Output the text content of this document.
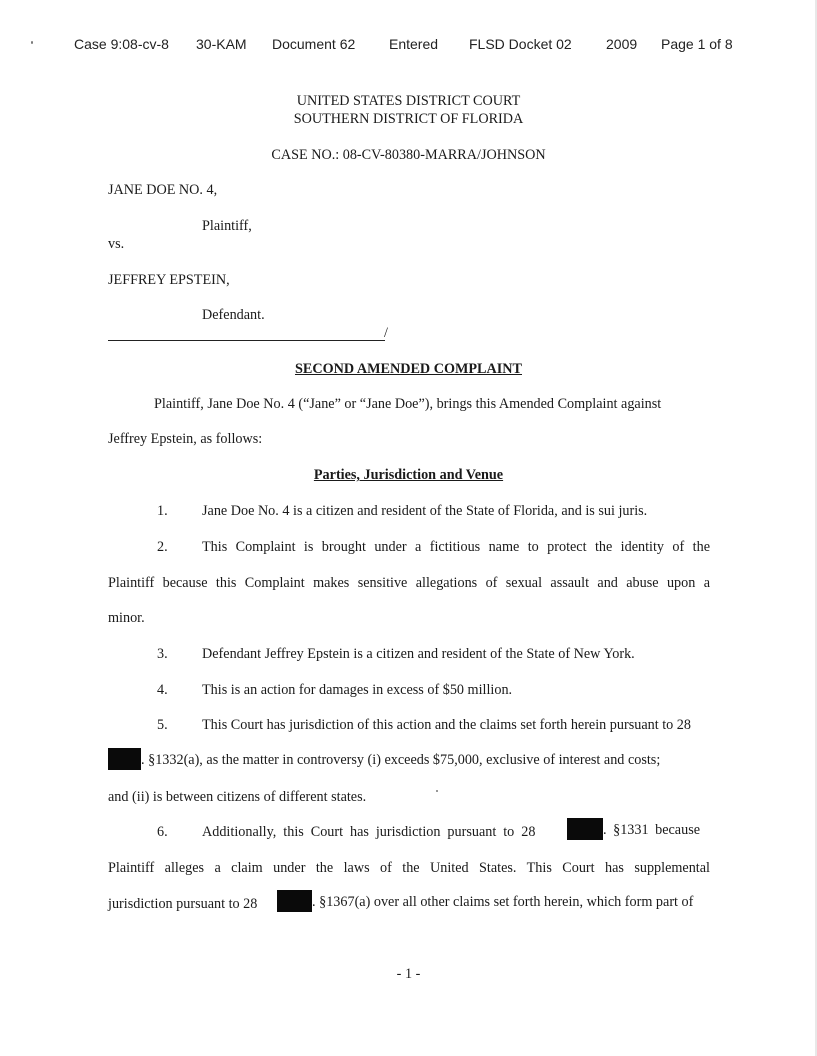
Case 9:08-cv-8 30-KAM Document 62 Entered FLSD Docket 02 2009 Page 1 of 8
UNITED STATES DISTRICT COURT
SOUTHERN DISTRICT OF FLORIDA
CASE NO.: 08-CV-80380-MARRA/JOHNSON
JANE DOE NO. 4,
Plaintiff,
vs.
JEFFREY EPSTEIN,
Defendant.
/
SECOND AMENDED COMPLAINT
Plaintiff, Jane Doe No. 4 (“Jane” or “Jane Doe”), brings this Amended Complaint against
Jeffrey Epstein, as follows:
Parties, Jurisdiction and Venue
1. Jane Doe No. 4 is a citizen and resident of the State of Florida, and is sui juris.
2. This Complaint is brought under a fictitious name to protect the identity of the
Plaintiff because this Complaint makes sensitive allegations of sexual assault and abuse upon a
minor.
3. Defendant Jeffrey Epstein is a citizen and resident of the State of New York.
4. This is an action for damages in excess of $50 million.
5. This Court has jurisdiction of this action and the claims set forth herein pursuant to 28
. §1332(a), as the matter in controversy (i) exceeds $75,000, exclusive of interest and costs;
and (ii) is between citizens of different states.
6. Additionally, this Court has jurisdiction pursuant to 28	. §1331 because
Plaintiff alleges a claim under the laws of the United States. This Court has supplemental
jurisdiction pursuant to 28	. §1367(a) over all other claims set forth herein, which form part of
- 1 -
